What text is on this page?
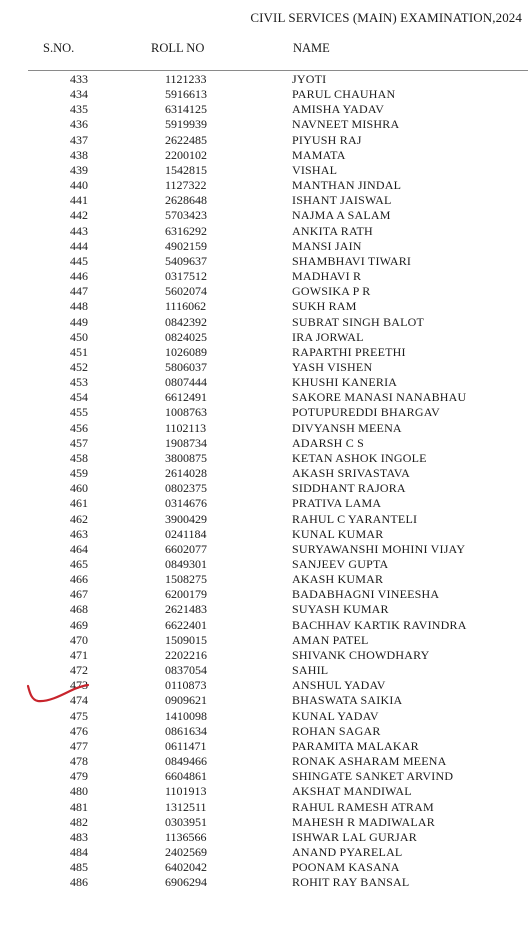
CIVIL SERVICES (MAIN) EXAMINATION,2024
S.NO.	ROLL NO	NAME
433	1121233	JYOTI
434	5916613	PARUL CHAUHAN
435	6314125	AMISHA YADAV
436	5919939	NAVNEET MISHRA
437	2622485	PIYUSH RAJ
438	2200102	MAMATA
439	1542815	VISHAL
440	1127322	MANTHAN JINDAL
441	2628648	ISHANT JAISWAL
442	5703423	NAJMA A SALAM
443	6316292	ANKITA RATH
444	4902159	MANSI JAIN
445	5409637	SHAMBHAVI TIWARI
446	0317512	MADHAVI R
447	5602074	GOWSIKA P R
448	1116062	SUKH RAM
449	0842392	SUBRAT SINGH BALOT
450	0824025	IRA JORWAL
451	1026089	RAPARTHI PREETHI
452	5806037	YASH VISHEN
453	0807444	KHUSHI KANERIA
454	6612491	SAKORE MANASI NANABHAU
455	1008763	POTUPUREDDI BHARGAV
456	1102113	DIVYANSH MEENA
457	1908734	ADARSH C S
458	3800875	KETAN ASHOK INGOLE
459	2614028	AKASH SRIVASTAVA
460	0802375	SIDDHANT RAJORA
461	0314676	PRATIVA LAMA
462	3900429	RAHUL C YARANTELI
463	0241184	KUNAL KUMAR
464	6602077	SURYAWANSHI MOHINI VIJAY
465	0849301	SANJEEV GUPTA
466	1508275	AKASH KUMAR
467	6200179	BADABHAGNI VINEESHA
468	2621483	SUYASH KUMAR
469	6622401	BACHHAV KARTIK RAVINDRA
470	1509015	AMAN PATEL
471	2202216	SHIVANK CHOWDHARY
472	0837054	SAHIL
473	0110873	ANSHUL YADAV
474	0909621	BHASWATA SAIKIA
475	1410098	KUNAL YADAV
476	0861634	ROHAN SAGAR
477	0611471	PARAMITA MALAKAR
478	0849466	RONAK ASHARAM MEENA
479	6604861	SHINGATE SANKET ARVIND
480	1101913	AKSHAT MANDIWAL
481	1312511	RAHUL RAMESH ATRAM
482	0303951	MAHESH R MADIWALAR
483	1136566	ISHWAR LAL GURJAR
484	2402569	ANAND PYARELAL
485	6402042	POONAM KASANA
486	6906294	ROHIT RAY BANSAL
